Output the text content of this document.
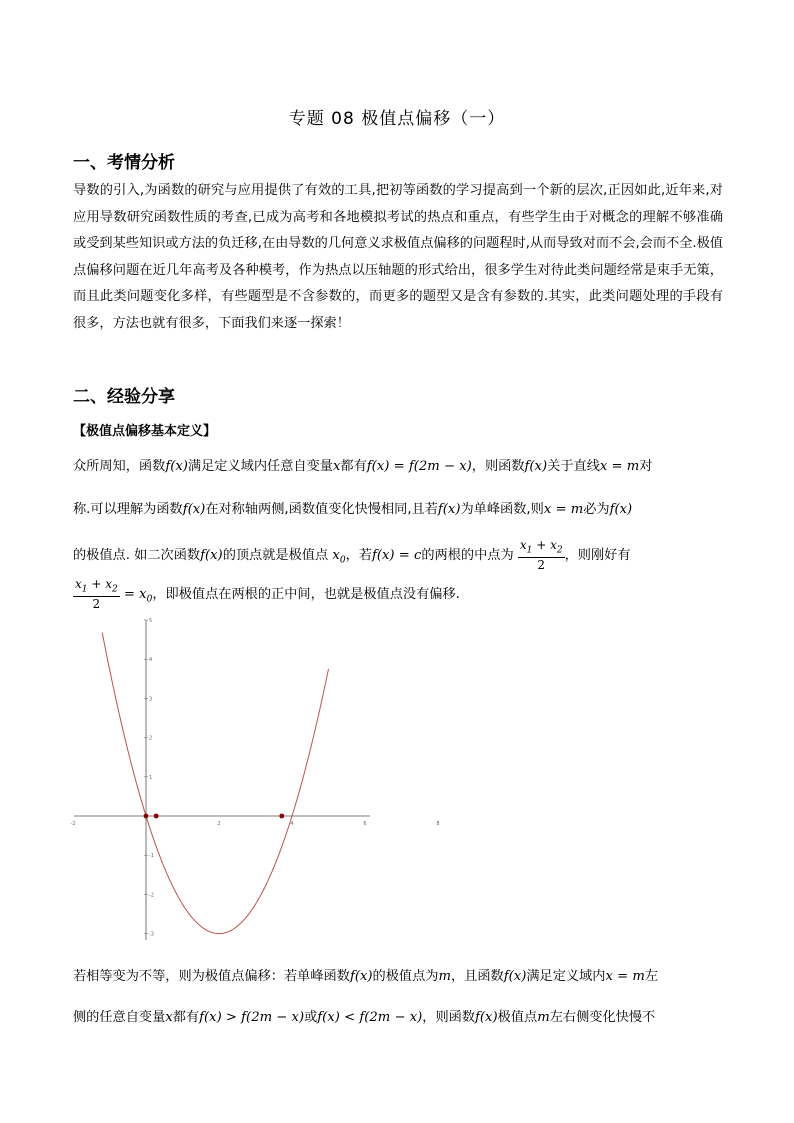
专题 08 极值点偏移（一）
一、考情分析

导数的引入,为函数的研究与应用提供了有效的工具,把初等函数的学习提高到一个新的层次,正因如此,近年来,对应用导数研究函数性质的考查,已成为高考和各地模拟考试的热点和重点，有些学生由于对概念的理解不够准确或受到某些知识或方法的负迁移,在由导数的几何意义求极值点偏移的问题程时,从而导致对而不会,会而不全.极值点偏移问题在近几年高考及各种模考，作为热点以压轴题的形式给出，很多学生对待此类问题经常是束手无策，而且此类问题变化多样，有些题型是不含参数的，而更多的题型又是含有参数的.其实，此类问题处理的手段有很多，方法也就有很多，下面我们来逐一探索！

二、经验分享
【极值点偏移基本定义】
众所周知，函数f(x)满足定义域内任意自变量x都有f(x) = f(2m − x)，则函数f(x)关于直线x = m对
称.可以理解为函数f(x)在对称轴两侧,函数值变化快慢相同,且若f(x)为单峰函数,则x = m必为f(x)
的极值点. 如二次函数f(x)的顶点就是极值点 $x_0$，若f(x) = c的两根的中点为 $\frac{x_1 + x_2}{2}$ ，则刚好有
$\frac{x_1 + x_2}{2} = x_0$，即极值点在两根的正中间，也就是极值点没有偏移.
-2	2	4	6	8
5
4
3
2
1
-1
-2
-3
若相等变为不等，则为极值点偏移：若单峰函数f(x)的极值点为m，且函数f(x)满足定义域内x = m左
侧的任意自变量x都有f(x) > f(2m − x)或f(x) < f(2m − x)，则函数f(x)极值点m左右侧变化快慢不
